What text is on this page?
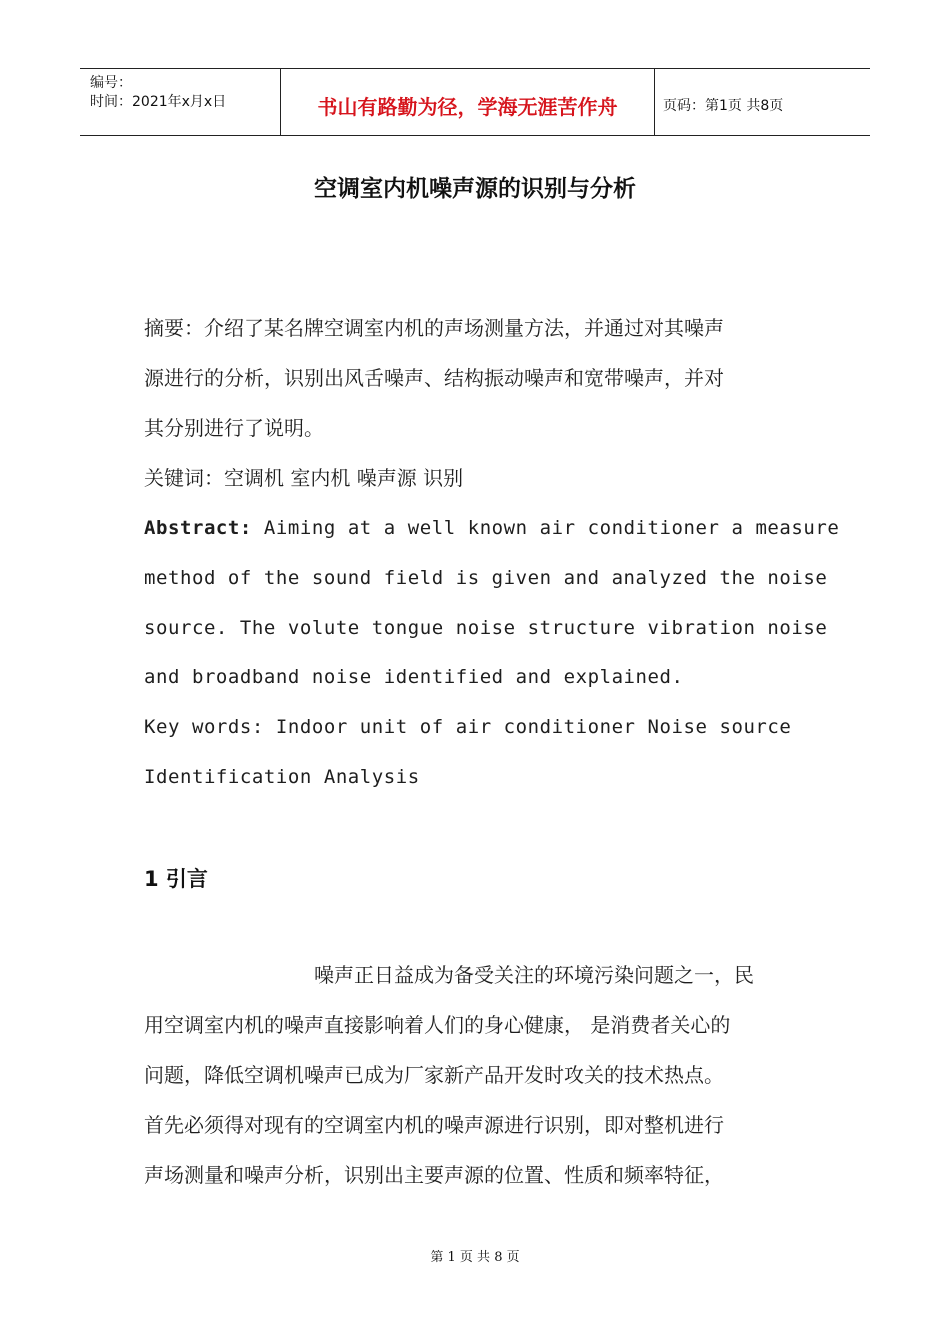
编号：
时间：2021年x月x日	书山有路勤为径，学海无涯苦作舟	页码：第1页 共8页
空调室内机噪声源的识别与分析
摘要：介绍了某名牌空调室内机的声场测量方法，并通过对其噪声
源进行的分析，识别出风舌噪声、结构振动噪声和宽带噪声，并对
其分别进行了说明。
关键词：空调机 室内机 噪声源 识别
Abstract: Aiming at a well known air conditioner a measure
method of the sound field is given and analyzed the noise
source. The volute tongue noise structure vibration noise
and broadband noise identified and explained.
Key words: Indoor unit of air conditioner Noise source
Identification Analysis
1 引言
噪声正日益成为备受关注的环境污染问题之一，民
用空调室内机的噪声直接影响着人们的身心健康， 是消费者关心的
问题，降低空调机噪声已成为厂家新产品开发时攻关的技术热点。
首先必须得对现有的空调室内机的噪声源进行识别，即对整机进行
声场测量和噪声分析，识别出主要声源的位置、性质和频率特征，
第 1 页 共 8 页
